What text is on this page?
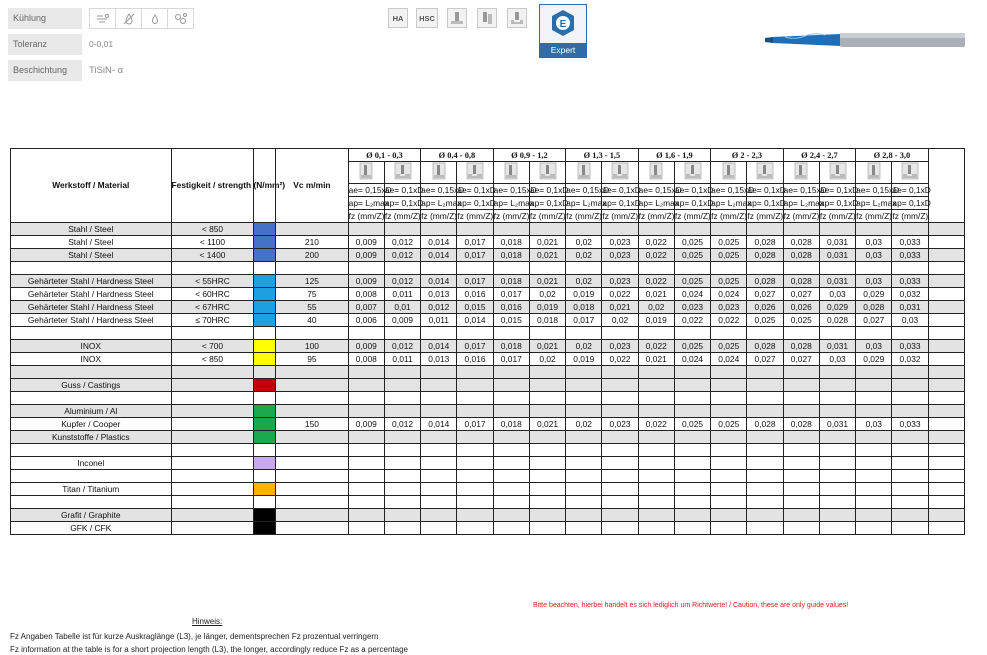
Kühlung
Toleranz	0-0,01
Beschichtung	TiSiN- α
HA	HSC
E
Expert
Werkstoff / Material	Festigkeit / strength (N/mm²)		Vc m/min	Ø 0,1 - 0,3		Ø 0,4 - 0,8		Ø 0,9 - 1,2		Ø 1,3 - 1,5		Ø 1,6 - 1,9		Ø 2 - 2,3		Ø 2,4 - 2,7		Ø 2,8 - 3,0		

				ae= 0,15xD	ae= 0,1xD	ae= 0,15xD	ae= 0,1xD	ae= 0,15xD	ae= 0,1xD	ae= 0,15xD	ae= 0,1xD	ae= 0,15xD	ae= 0,1xD	ae= 0,15xD	ae= 0,1xD	ae= 0,15xD	ae= 0,1xD	ae= 0,15xD	ae= 0,1xD	
				ap= L₂max	ap= 0,1xD	ap= L₂max	ap= 0,1xD	ap= L₂max	ap= 0,1xD	ap= L₂max	ap= 0,1xD	ap= L₂max	ap= 0,1xD	ap= L₂max	ap= 0,1xD	ap= L₂max	ap= 0,1xD	ap= L₂max	ap= 0,1xD	
				fz (mm/Z)	fz (mm/Z)	fz (mm/Z)	fz (mm/Z)	fz (mm/Z)	fz (mm/Z)	fz (mm/Z)	fz (mm/Z)	fz (mm/Z)	fz (mm/Z)	fz (mm/Z)	fz (mm/Z)	fz (mm/Z)	fz (mm/Z)	fz (mm/Z)	fz (mm/Z)	
Stahl / Steel	< 850																			
Stahl / Steel	< 1100		210	0,009	0,012	0,014	0,017	0,018	0,021	0,02	0,023	0,022	0,025	0,025	0,028	0,028	0,031	0,03	0,033	
Stahl / Steel	< 1400		200	0,009	0,012	0,014	0,017	0,018	0,021	0,02	0,023	0,022	0,025	0,025	0,028	0,028	0,031	0,03	0,033	

Gehärteter Stahl / Hardness Steel	< 55HRC		125	0,009	0,012	0,014	0,017	0,018	0,021	0,02	0,023	0,022	0,025	0,025	0,028	0,028	0,031	0,03	0,033	
Gehärteter Stahl / Hardness Steel	< 60HRC		75	0,008	0,011	0,013	0,016	0,017	0,02	0,019	0,022	0,021	0,024	0,024	0,027	0,027	0,03	0,029	0,032	
Gehärteter Stahl / Hardness Steel	< 67HRC		55	0,007	0,01	0,012	0,015	0,016	0,019	0,018	0,021	0,02	0,023	0,023	0,026	0,026	0,029	0,028	0,031	
Gehärteter Stahl / Hardness Steel	≤ 70HRC		40	0,006	0,009	0,011	0,014	0,015	0,018	0,017	0,02	0,019	0,022	0,022	0,025	0,025	0,028	0,027	0,03	

INOX	< 700		100	0,009	0,012	0,014	0,017	0,018	0,021	0,02	0,023	0,022	0,025	0,025	0,028	0,028	0,031	0,03	0,033	
INOX	< 850		95	0,008	0,011	0,013	0,016	0,017	0,02	0,019	0,022	0,021	0,024	0,024	0,027	0,027	0,03	0,029	0,032	

Guss / Castings																				

Aluminium / Al																				
Kupfer / Cooper			150	0,009	0,012	0,014	0,017	0,018	0,021	0,02	0,023	0,022	0,025	0,025	0,028	0,028	0,031	0,03	0,033	
Kunststoffe / Plastics																				

Inconel																				

Titan / Titanium																				

Grafit / Graphite																				
GFK / CFK																				
Bitte beachten, hierbei handelt es sich lediglich um Richtwerte! / Caution, these are only guide values!
Hinweis:
Fz Angaben Tabelle ist für kurze Auskraglänge (L3), je länger, dementsprechen Fz prozentual verringern
Fz information at the table is for a short projection length (L3), the longer, accordingly reduce Fz as a percentage
